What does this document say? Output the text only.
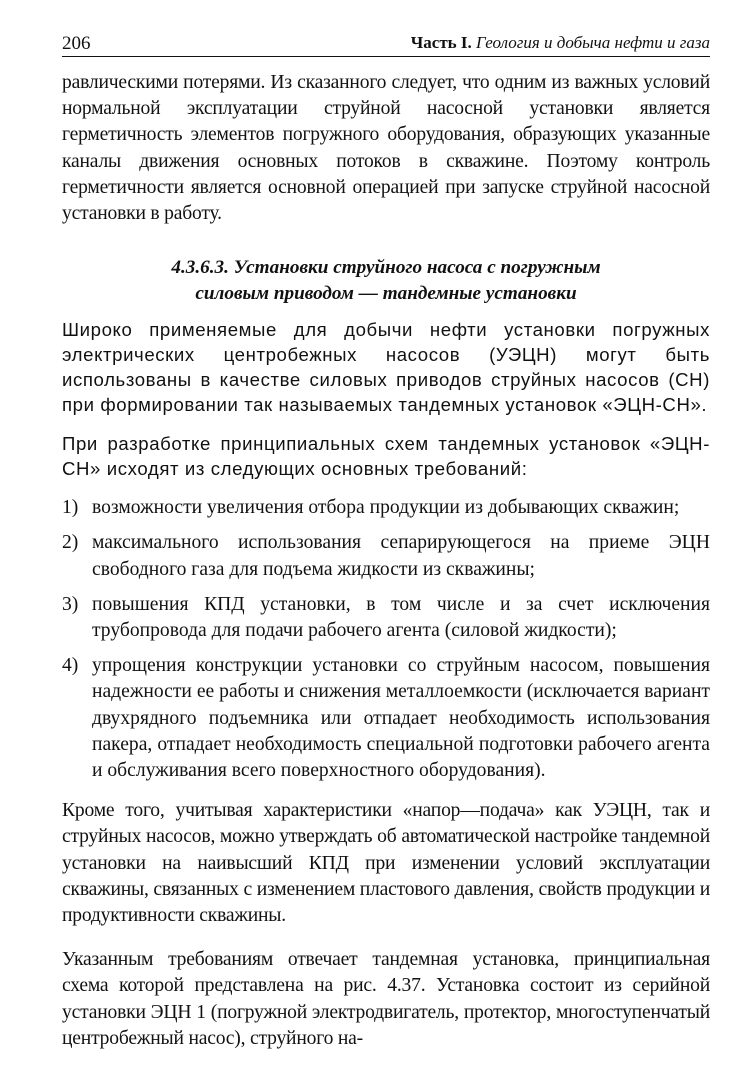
206	Часть I. Геология и добыча нефти и газа

равлическими потерями. Из сказанного следует, что одним из важных условий нормальной эксплуатации струйной насосной установки является герметичность элементов погружного оборудования, образующих указанные каналы движения основных потоков в скважине. Поэтому контроль герметичности является основной операцией при запуске струйной насосной установки в работу.

4.3.6.3. Установки струйного насоса с погружным
силовым приводом — тандемные установки

Широко применяемые для добычи нефти установки погружных электрических центробежных насосов (УЭЦН) могут быть использованы в качестве силовых приводов струйных насосов (СН) при формировании так называемых тандемных установок «ЭЦН-СН».

При разработке принципиальных схем тандемных установок «ЭЦН-СН» исходят из следующих основных требований:

1) возможности увеличения отбора продукции из добывающих скважин;
2) максимального использования сепарирующегося на приеме ЭЦН свободного газа для подъема жидкости из скважины;
3) повышения КПД установки, в том числе и за счет исключения трубопровода для подачи рабочего агента (силовой жидкости);
4) упрощения конструкции установки со струйным насосом, повышения надежности ее работы и снижения металлоемкости (исключается вариант двухрядного подъемника или отпадает необходимость использования пакера, отпадает необходимость специальной подготовки рабочего агента и обслуживания всего поверхностного оборудования).

Кроме того, учитывая характеристики «напор—подача» как УЭЦН, так и струйных насосов, можно утверждать об автоматической настройке тандемной установки на наивысший КПД при изменении условий эксплуатации скважины, связанных с изменением пластового давления, свойств продукции и продуктивности скважины.

Указанным требованиям отвечает тандемная установка, принципиальная схема которой представлена на рис. 4.37. Установка состоит из серийной установки ЭЦН 1 (погружной электродвигатель, протектор, многоступенчатый центробежный насос), струйного на-
